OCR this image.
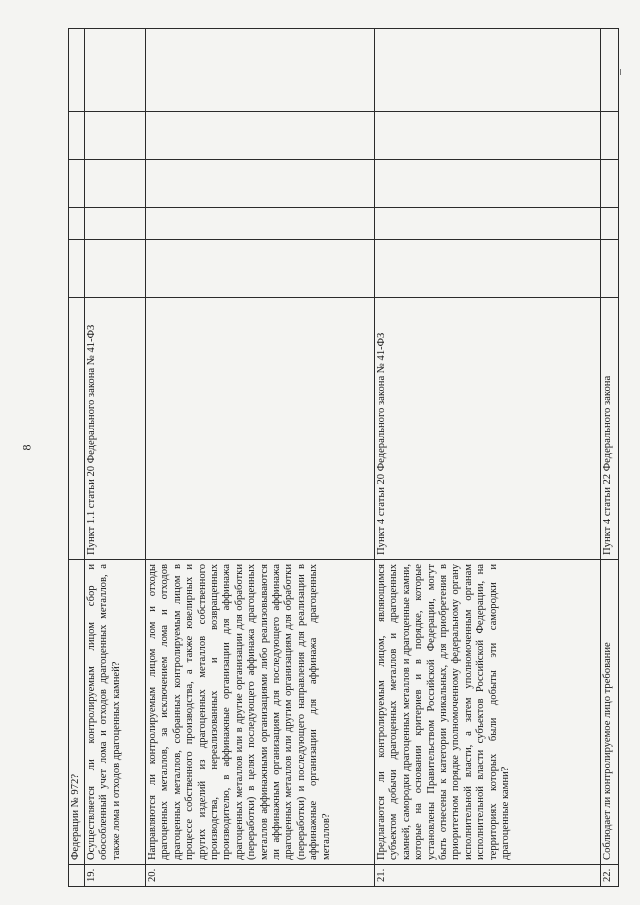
8
	Федерации № 972?						
19.	Осуществляется ли контролируемым лицом сбор и обособленный учет лома и отходов драгоценных металлов, а также лома и отходов драгоценных камней?	Пункт 1.1 статьи 20 Федерального закона № 41-ФЗ					
20.	Направляются ли контролируемым лицом лом и отходы драгоценных металлов, за исключением лома и отходов драгоценных металлов, собранных контролируемым лицом в процессе собственного производства, а также ювелирных и других изделий из драгоценных металлов собственного производства, нереализованных и возвращенных производителю, в аффинажные организации для аффинажа драгоценных металлов или в другие организации для обработки (переработки) в целях последующего аффинажа драгоценных металлов аффинажными организациями либо реализовываются ли аффинажным организациям для последующего аффинажа драгоценных металлов или другим организациям для обработки (переработки) и последующего направления для реализации в аффинажные организации для аффинажа драгоценных металлов?						
21.	Предлагаются ли контролируемым лицом, являющимся субъектом добычи драгоценных металлов и драгоценных камней, самородки драгоценных металлов и драгоценные камни, которые на основании критериев и в порядке, которые установлены Правительством Российской Федерации, могут быть отнесены к категории уникальных, для приобретения в приоритетном порядке уполномоченному федеральному органу исполнительной власти, а затем уполномоченным органам исполнительной власти субъектов Российской Федерации, на территориях которых были добыты эти самородки и драгоценные камни?	Пункт 4 статьи 20 Федерального закона № 41-ФЗ					
22.	Соблюдает ли контролируемое лицо требование	Пункт 4 статьи 22 Федерального закона					
